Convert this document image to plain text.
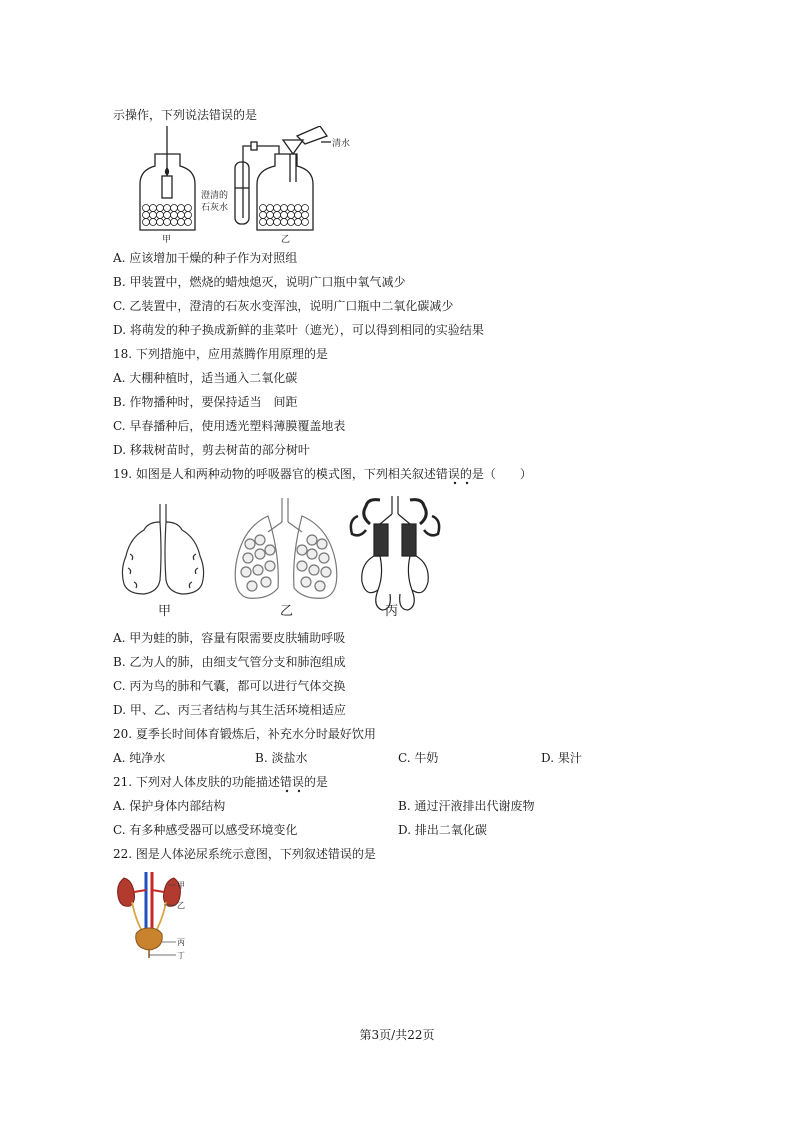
示操作，下列说法错误的是
甲	乙
清水
澄清的
石灰水
A. 应该增加干燥的种子作为对照组
B. 甲装置中，燃烧的蜡烛熄灭，说明广口瓶中氧气减少
C. 乙装置中，澄清的石灰水变浑浊，说明广口瓶中二氧化碳减少
D. 将萌发的种子换成新鲜的韭菜叶（遮光），可以得到相同的实验结果
18. 下列措施中，应用蒸腾作用原理的是
A. 大棚种植时，适当通入二氧化碳
B. 作物播种时，要保持适当　间距
C. 早春播种后，使用透光塑料薄膜覆盖地表
D. 移栽树苗时，剪去树苗的部分树叶
19. 如图是人和两种动物的呼吸器官的模式图，下列相关叙述错误的是（　　）
甲	乙	丙
A. 甲为蛙的肺，容量有限需要皮肤辅助呼吸
B. 乙为人的肺，由细支气管分支和肺泡组成
C. 丙为鸟的肺和气囊，都可以进行气体交换
D. 甲、乙、丙三者结构与其生活环境相适应
20. 夏季长时间体育锻炼后，补充水分时最好饮用
A. 纯净水	B. 淡盐水	C. 牛奶	D. 果汁
21. 下列对人体皮肤的功能描述错误的是
A. 保护身体内部结构	B. 通过汗液排出代谢废物
C. 有多种感受器可以感受环境变化	D. 排出二氧化碳
22. 图是人体泌尿系统示意图，下列叙述错误的是
甲
乙
丙
丁
第3页/共22页
